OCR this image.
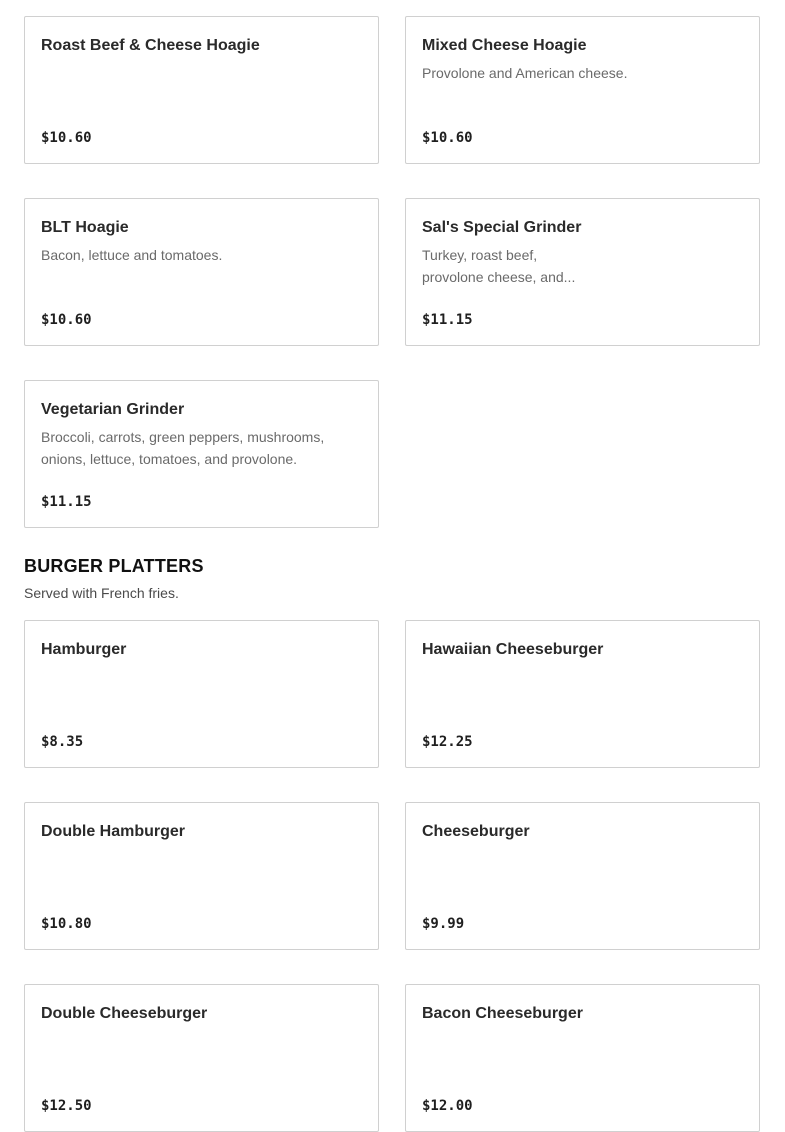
Roast Beef & Cheese Hoagie
$10.60
Mixed Cheese Hoagie
Provolone and American cheese.
$10.60
BLT Hoagie
Bacon, lettuce and tomatoes.
$10.60
Sal's Special Grinder
Turkey, roast beef,
provolone cheese, and...
$11.15
Vegetarian Grinder
Broccoli, carrots, green peppers, mushrooms,
onions, lettuce, tomatoes, and provolone.
$11.15
BURGER PLATTERS

Served with French fries.

Hamburger
$8.35
Hawaiian Cheeseburger
$12.25
Double Hamburger
$10.80
Cheeseburger
$9.99
Double Cheeseburger
$12.50
Bacon Cheeseburger
$12.00
